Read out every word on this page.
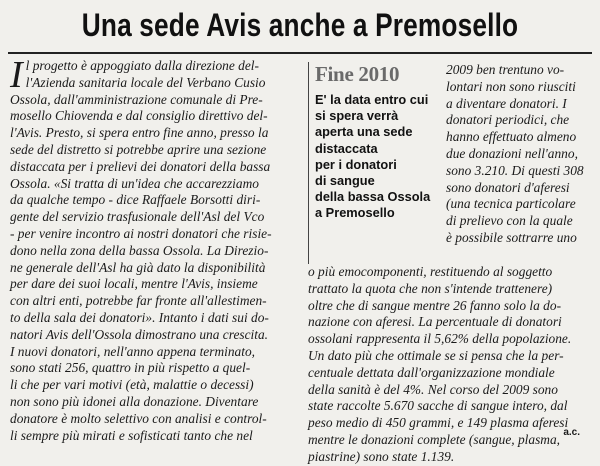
Una sede Avis anche a Premosello
I l progetto è appoggiato dalla direzione del-
l'Azienda sanitaria locale del Verbano Cusio
Ossola, dall'amministrazione comunale di Pre-
mosello Chiovenda e dal consiglio direttivo del-
l'Avis. Presto, si spera entro fine anno, presso la
sede del distretto si potrebbe aprire una sezione
distaccata per i prelievi dei donatori della bassa
Ossola. «Si tratta di un'idea che accarezziamo
da qualche tempo - dice Raffaele Borsotti diri-
gente del servizio trasfusionale dell'Asl del Vco
- per venire incontro ai nostri donatori che risie-
dono nella zona della bassa Ossola. La Direzio-
ne generale dell'Asl ha già dato la disponibilità
per dare dei suoi locali, mentre l'Avis, insieme
con altri enti, potrebbe far fronte all'allestimen-
to della sala dei donatori». Intanto i dati sui do-
natori Avis dell'Ossola dimostrano una crescita.
I nuovi donatori, nell'anno appena terminato,
sono stati 256, quattro in più rispetto a quel-
li che per vari motivi (età, malattie o decessi)
non sono più idonei alla donazione. Diventare
donatore è molto selettivo con analisi e control-
li sempre più mirati e sofisticati tanto che nel
Fine 2010
E' la data entro cui
si spera verrà
aperta una sede
distaccata
per i donatori
di sangue
della bassa Ossola
a Premosello
2009 ben trentuno vo-
lontari non sono riusciti
a diventare donatori. I
donatori periodici, che
hanno effettuato almeno
due donazioni nell'anno,
sono 3.210. Di questi 308
sono donatori d'aferesi
(una tecnica particolare
di prelievo con la quale
è possibile sottrarre uno
o più emocomponenti, restituendo al soggetto
trattato la quota che non s'intende trattenere)
oltre che di sangue mentre 26 fanno solo la do-
nazione con aferesi. La percentuale di donatori
ossolani rappresenta il 5,62% della popolazione.
Un dato più che ottimale se si pensa che la per-
centuale dettata dall'organizzazione mondiale
della sanità è del 4%. Nel corso del 2009 sono
state raccolte 5.670 sacche di sangue intero, dal
peso medio di 450 grammi, e 149 plasma aferesi
mentre le donazioni complete (sangue, plasma,
piastrine) sono state 1.139.
a.c.
